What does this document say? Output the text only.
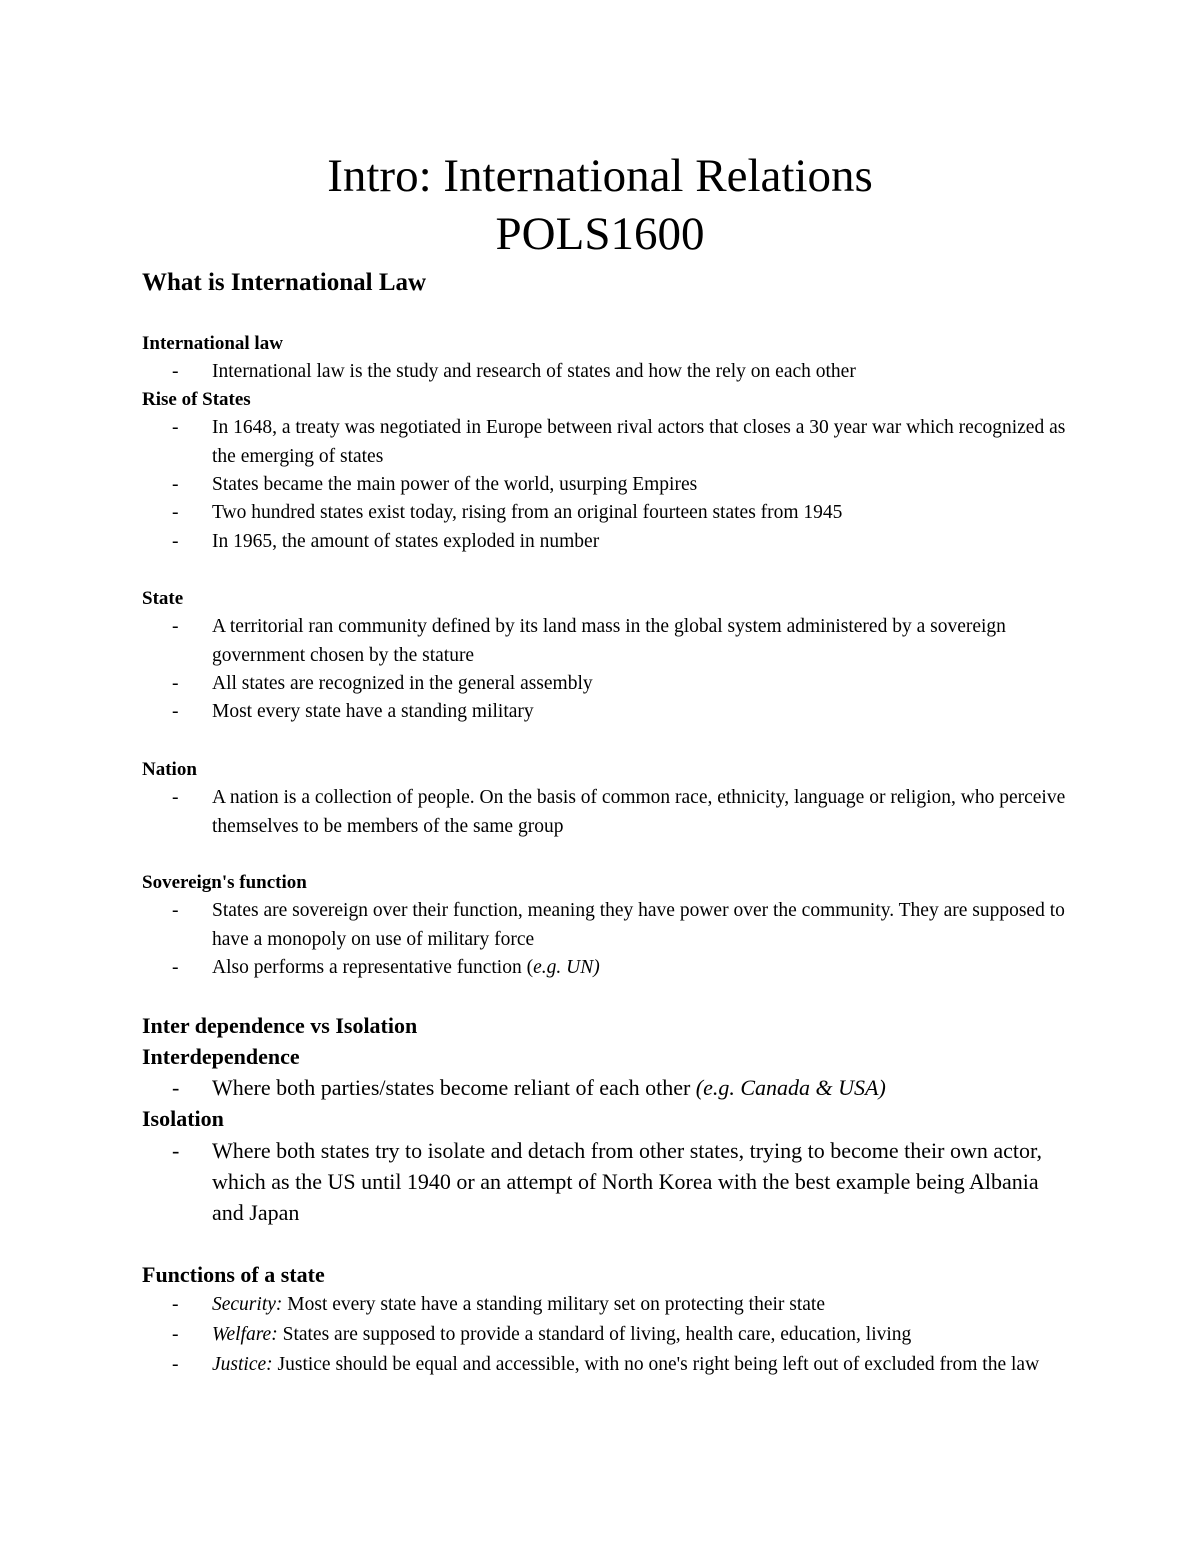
Intro: International Relations
POLS1600
What is International Law
International law
-	International law is the study and research of states and how the rely on each other
Rise of States
-	In 1648, a treaty was negotiated in Europe between rival actors that closes a 30 year war which recognized as the emerging of states
-	States became the main power of the world, usurping Empires
-	Two hundred states exist today, rising from an original fourteen states from 1945
-	In 1965, the amount of states exploded in number
State
-	A territorial ran community defined by its land mass in the global system administered by a sovereign government chosen by the stature
-	All states are recognized in the general assembly
-	Most every state have a standing military
Nation
-	A nation is a collection of people. On the basis of common race, ethnicity, language or religion, who perceive themselves to be members of the same group
Sovereign's function
-	States are sovereign over their function, meaning they have power over the community. They are supposed to have a monopoly on use of military force
-	Also performs a representative function (e.g. UN)
Inter dependence vs Isolation
Interdependence
-	Where both parties/states become reliant of each other (e.g. Canada & USA)
Isolation
-	Where both states try to isolate and detach from other states, trying to become their own actor, which as the US until 1940 or an attempt of North Korea with the best example being Albania and Japan
Functions of a state
-	Security: Most every state have a standing military set on protecting their state
-	Welfare: States are supposed to provide a standard of living, health care, education, living
-	Justice: Justice should be equal and accessible, with no one's right being left out of excluded from the law
